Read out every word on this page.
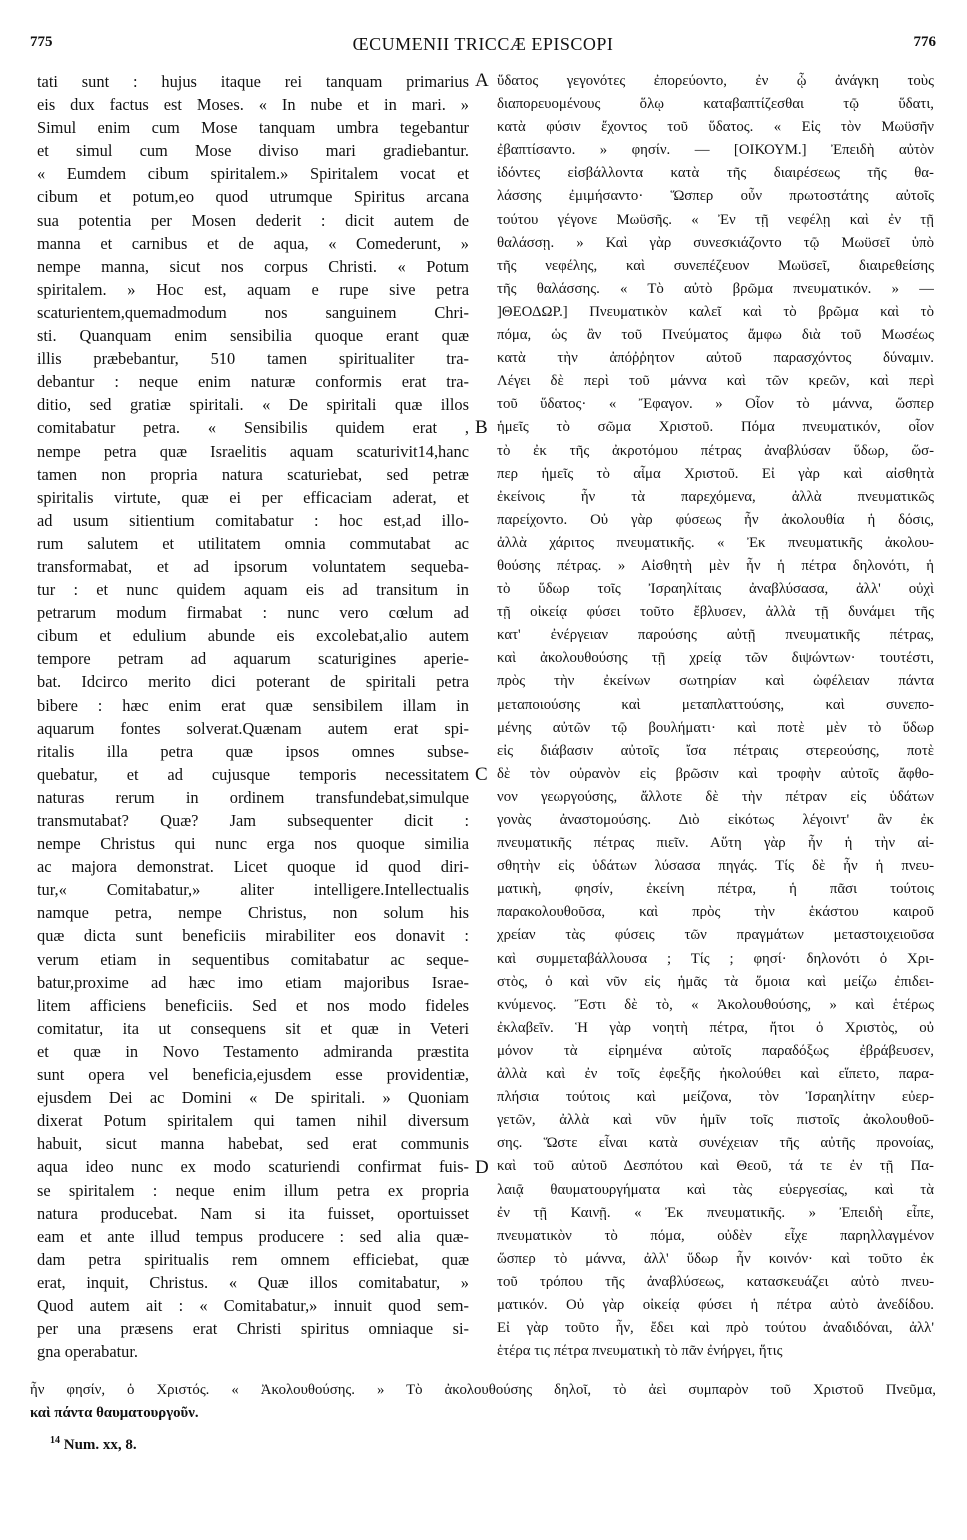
775	ŒCUMENII TRICCÆ EPISCOPI	776
tati sunt : hujus itaque rei tanquam primarius
eis dux factus est Moses. « In nube et in mari. »
Simul enim cum Mose tanquam umbra tegebantur
et simul cum Mose diviso mari gradiebantur.
« Eumdem cibum spiritalem.» Spiritalem vocat et
cibum et potum,eo quod utrumque Spiritus arcana
sua potentia per Mosen dederit : dicit autem de
manna et carnibus et de aqua, « Comederunt, »
nempe manna, sicut nos corpus Christi. « Potum
spiritalem. » Hoc est, aquam e rupe sive petra
scaturientem,quemadmodum nos sanguinem Chri-
sti. Quanquam enim sensibilia quoque erant quæ
illis præbebantur, 510 tamen spiritualiter tra-
debantur : neque enim naturæ conformis erat tra-
ditio, sed gratiæ spiritali. « De spiritali quæ illos
comitabatur petra. « Sensibilis quidem erat ,
nempe petra quæ Israelitis aquam scaturivit14,hanc
tamen non propria natura scaturiebat, sed petræ
spiritalis virtute, quæ ei per efficaciam aderat, et
ad usum sitientium comitabatur : hoc est,ad illo-
rum salutem et utilitatem omnia commutabat ac
transformabat, et ad ipsorum voluntatem sequeba-
tur : et nunc quidem aquam eis ad transitum in
petrarum modum firmabat : nunc vero cœlum ad
cibum et edulium abunde eis excolebat,alio autem
tempore petram ad aquarum scaturigines aperie-
bat. Idcirco merito dici poterant de spiritali petra
bibere : hæc enim erat quæ sensibilem illam in
aquarum fontes solverat.Quænam autem erat spi-
ritalis illa petra quæ ipsos omnes subse-
quebatur, et ad cujusque temporis necessitatem
naturas rerum in ordinem transfundebat,simulque
transmutabat? Quæ? Jam subsequenter dicit :
nempe Christus qui nunc erga nos quoque similia
ac majora demonstrat. Licet quoque id quod diri-
tur,« Comitabatur,» aliter intelligere.Intellectualis
namque petra, nempe Christus, non solum his
quæ dicta sunt beneficiis mirabiliter eos donavit :
verum etiam in sequentibus comitabatur ac seque-
batur,proxime ad hæc imo etiam majoribus Israe-
litem afficiens beneficiis. Sed et nos modo fideles
comitatur, ita ut consequens sit et quæ in Veteri
et quæ in Novo Testamento admiranda præstita
sunt opera vel beneficia,ejusdem esse providentiæ,
ejusdem Dei ac Domini « De spiritali. » Quoniam
dixerat Potum spiritalem qui tamen nihil diversum
habuit, sicut manna habebat, sed erat communis
aqua ideo nunc ex modo scaturiendi confirmat fuis-
se spiritalem : neque enim illum petra ex propria
natura producebat. Nam si ita fuisset, oportuisset
eam et ante illud tempus producere : sed alia quæ-
dam petra spiritualis rem omnem efficiebat, quæ
erat, inquit, Christus. « Quæ illos comitabatur, »
Quod autem ait : « Comitabatur,» innuit quod sem-
per una præsens erat Christi spiritus omniaque si-
gna operabatur.
ὕδατος γεγονότες ἐπορεύοντο, ἐν ᾧ ἀνάγκη τοὺς
διαπορευομένους ὅλῳ καταβαπτίζεσθαι τῷ ὕδατι,
κατὰ φύσιν ἔχοντος τοῦ ὕδατος. « Εἰς τὸν Μωϋσῆν
ἐβαπτίσαντο. » φησίν. — [ΟΙΚΟΥΜ.] Ἐπειδὴ αὐτὸν
ἰδόντες εἰσβάλλοντα κατὰ τῆς διαιρέσεως τῆς θα-
λάσσης ἐμιμήσαντο· Ὥσπερ οὖν πρωτοστάτης αὐτοῖς
τούτου γέγονε Μωϋσῆς. « Ἐν τῇ νεφέλῃ καὶ ἐν τῇ
θαλάσσῃ. » Καὶ γὰρ συνεσκιάζοντο τῷ Μωϋσεῖ ὑπὸ
τῆς νεφέλης, καὶ συνεπέζευον Μωϋσεῖ, διαιρεθείσης
τῆς θαλάσσης. « Τὸ αὐτὸ βρῶμα πνευματικόν. » —
]ΘΕΟΔΩΡ.] Πνευματικὸν καλεῖ καὶ τὸ βρῶμα καὶ τὸ
πόμα, ὡς ἂν τοῦ Πνεύματος ἄμφω διὰ τοῦ Μωσέως
κατὰ τὴν ἀπόῤῥητον αὐτοῦ παρασχόντος δύναμιν.
Λέγει δὲ περὶ τοῦ μάννα καὶ τῶν κρεῶν, καὶ περὶ
τοῦ ὕδατος· « Ἔφαγον. » Οἷον τὸ μάννα, ὥσπερ
ἡμεῖς τὸ σῶμα Χριστοῦ. Πόμα πνευματικόν, οἷον
τὸ ἐκ τῆς ἀκροτόμου πέτρας ἀναβλύσαν ὕδωρ, ὥσ-
περ ἡμεῖς τὸ αἷμα Χριστοῦ. Εἰ γὰρ καὶ αἰσθητὰ
ἐκείνοις ἦν τὰ παρεχόμενα, ἀλλὰ πνευματικῶς
παρείχοντο. Οὐ γὰρ φύσεως ἦν ἀκολουθία ἡ δόσις,
ἀλλὰ χάριτος πνευματικῆς. « Ἐκ πνευματικῆς ἀκολου-
θούσης πέτρας. » Αἰσθητὴ μὲν ἦν ἡ πέτρα δηλονότι, ἡ
τὸ ὕδωρ τοῖς Ἰσραηλίταις ἀναβλύσασα, ἀλλ' οὐχὶ
τῇ οἰκείᾳ φύσει τοῦτο ἔβλυσεν, ἀλλὰ τῇ δυνάμει τῆς
κατ' ἐνέργειαν παρούσης αὐτῇ πνευματικῆς πέτρας,
καὶ ἀκολουθούσης τῇ χρείᾳ τῶν διψώντων· τουτέστι,
πρὸς τὴν ἐκείνων σωτηρίαν καὶ ὠφέλειαν πάντα
μεταποιούσης καὶ μεταπλαττούσης, καὶ συνεπο-
μένης αὐτῶν τῷ βουλήματι· καὶ ποτὲ μὲν τὸ ὕδωρ
εἰς διάβασιν αὐτοῖς ἴσα πέτραις στερεούσης, ποτὲ
δὲ τὸν οὐρανὸν εἰς βρῶσιν καὶ τροφὴν αὐτοῖς ἄφθο-
νον γεωργούσης, ἄλλοτε δὲ τὴν πέτραν εἰς ὑδάτων
γονὰς ἀναστομούσης. Διὸ εἰκότως λέγοιντ' ἂν ἐκ
πνευματικῆς πέτρας πιεῖν. Αὕτη γὰρ ἦν ἡ τὴν αἰ-
σθητὴν εἰς ὑδάτων λύσασα πηγάς. Τίς δὲ ἦν ἡ πνευ-
ματικὴ, φησίν, ἐκείνη πέτρα, ἡ πᾶσι τούτοις
παρακολουθοῦσα, καὶ πρὸς τὴν ἑκάστου καιροῦ
χρείαν τὰς φύσεις τῶν πραγμάτων μεταστοιχειοῦσα
καὶ συμμεταβάλλουσα ; Τίς ; φησί· δηλονότι ὁ Χρι-
στὸς, ὁ καὶ νῦν εἰς ἡμᾶς τὰ ὅμοια καὶ μείζω ἐπιδει-
κνύμενος. Ἔστι δὲ τὸ, « Ἀκολουθούσης, » καὶ ἑτέρως
ἐκλαβεῖν. Ἡ γὰρ νοητὴ πέτρα, ἤτοι ὁ Χριστὸς, οὐ
μόνον τὰ εἰρημένα αὐτοῖς παραδόξως ἐβράβευσεν,
ἀλλὰ καὶ ἐν τοῖς ἐφεξῆς ἠκολούθει καὶ εἵπετο, παρα-
πλήσια τούτοις καὶ μείζονα, τὸν Ἰσραηλίτην εὐερ-
γετῶν, ἀλλὰ καὶ νῦν ἡμῖν τοῖς πιστοῖς ἀκολουθοῦ-
σης. Ὥστε εἶναι κατὰ συνέχειαν τῆς αὐτῆς προνοίας,
καὶ τοῦ αὐτοῦ Δεσπότου καὶ Θεοῦ, τά τε ἐν τῇ Πα-
λαιᾷ θαυματουργήματα καὶ τὰς εὐεργεσίας, καὶ τὰ
ἐν τῇ Καινῇ. « Ἐκ πνευματικῆς. » Ἐπειδὴ εἶπε,
πνευματικὸν τὸ πόμα, οὐδὲν εἶχε παρηλλαγμένον
ὥσπερ τὸ μάννα, ἀλλ' ὕδωρ ἦν κοινόν· καὶ τοῦτο ἐκ
τοῦ τρόπου τῆς ἀναβλύσεως, κατασκευάζει αὐτὸ πνευ-
ματικόν. Οὐ γὰρ οἰκείᾳ φύσει ἡ πέτρα αὐτὸ ἀνεδίδου.
Εἰ γὰρ τοῦτο ἦν, ἔδει καὶ πρὸ τούτου ἀναδιδόναι, ἀλλ'
ἑτέρα τις πέτρα πνευματικὴ τὸ πᾶν ἐνήργει, ἥτις
A
B
C
D
ἦν φησίν, ὁ Χριστός. « Ἀκολουθούσης. » Τὸ ἀκολουθούσης δηλοῖ, τὸ ἀεὶ συμπαρὸν τοῦ Χριστοῦ Πνεῦμα,
καὶ πάντα θαυματουργοῦν.
$^{14}$ Num. xx, 8.
